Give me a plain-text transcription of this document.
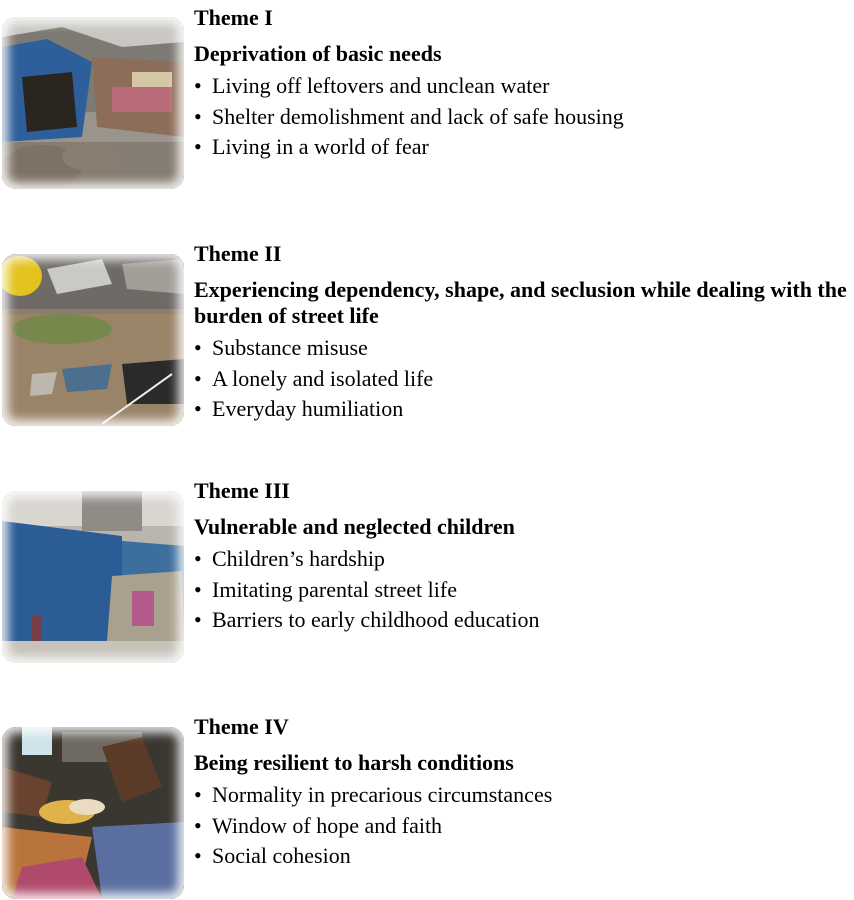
Theme I

Deprivation of basic needs

• Living off leftovers and unclean water
• Shelter demolishment and lack of safe housing
• Living in a world of fear

Theme II

Experiencing dependency, shape, and seclusion while dealing with the burden of street life

• Substance misuse
• A lonely and isolated life
• Everyday humiliation

Theme III

Vulnerable and neglected children

• Children’s hardship
• Imitating parental street life
• Barriers to early childhood education

Theme IV

Being resilient to harsh conditions

• Normality in precarious circumstances
• Window of hope and faith
• Social cohesion
